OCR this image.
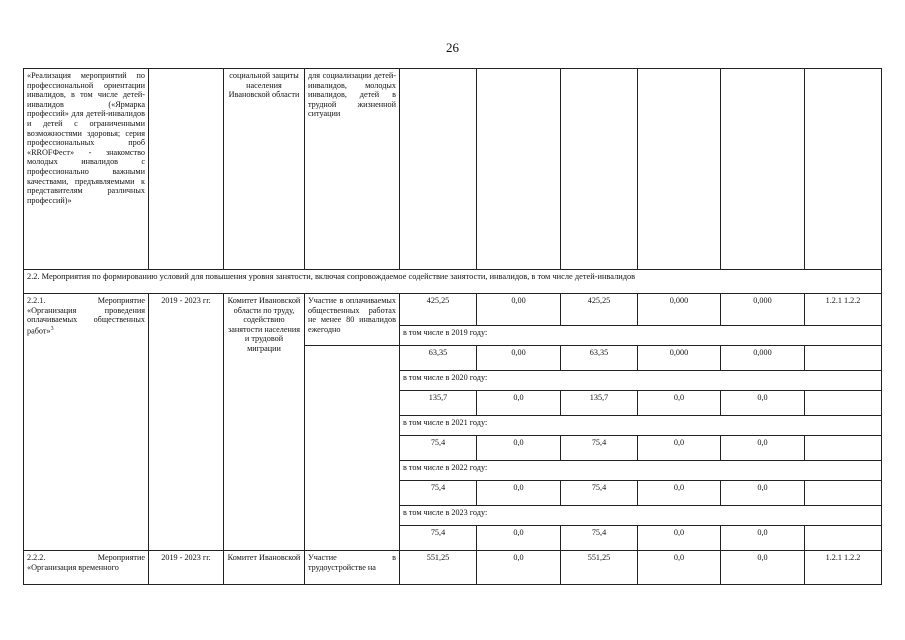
26
«Реализация мероприятий по профессиональной ориентации инвалидов, в том числе детей-инвалидов («Ярмарка профессий» для детей-инвалидов и детей с ограниченными возможностями здоровья; серия профессиональных проб «RROFФест» - знакомство молодых инвалидов с профессионально важными качествами, предъявляемыми к представителям различных профессий)»		социальной защиты населения Ивановской области	для социализации детей-инвалидов, молодых инвалидов, детей в трудной жизненной ситуации						
2.2. Мероприятия по формированию условий для повышения уровня занятости, включая сопровождаемое содействие занятости, инвалидов, в том числе детей-инвалидов									
2.2.1. Мероприятие «Организация проведения оплачиваемых общественных работ»$^3$	2019 - 2023 гг.	Комитет Ивановской области по труду, содействию занятости населения и трудовой миграции	Участие в оплачиваемых общественных работах не менее 80 инвалидов ежегодно	425,25	0,00	425,25	0,000	0,000	1.2.1 1.2.2
				в том числе в 2019 году:					
				63,35	0,00	63,35	0,000	0,000	
				в том числе в 2020 году:					
				135,7	0,0	135,7	0,0	0,0	
				в том числе в 2021 году:					
				75,4	0,0	75,4	0,0	0,0	
				в том числе в 2022 году:					
				75,4	0,0	75,4	0,0	0,0	
				в том числе в 2023 году:					
				75,4	0,0	75,4	0,0	0,0	
2.2.2. Мероприятие «Организация временного	2019 - 2023 гг.	Комитет Ивановской	Участие в трудоустройстве на	551,25	0,0	551,25	0,0	0,0	1.2.1 1.2.2
